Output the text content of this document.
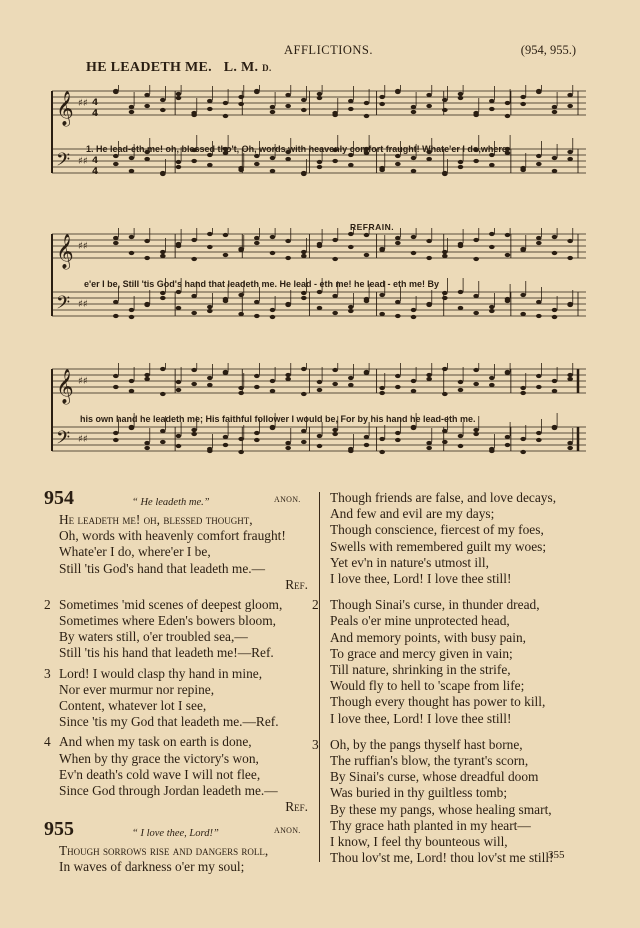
AFFLICTIONS.	(954, 955.)
HE LEADETH ME. L. M. D.
𝄞 ♯♯ 4
4
𝄢 ♯♯ 4
4
1. He lead-eth me! oh, blessed tho't, Oh, words with heavenly comfort fraught! Whate'er I do,where-
REFRAIN.
𝄞 ♯♯
𝄢 ♯♯
e'er I be, Still 'tis God's hand that leadeth me. He lead - eth me! he lead - eth me! By
𝄞 ♯♯
𝄢 ♯♯
his own hand he leadeth me; His faithful follower I would be, For by his hand he lead-eth me.
954	“ He leadeth me.”	ANON.
He leadeth me! oh, blessed thought,
Oh, words with heavenly comfort fraught!
Whate'er I do, where'er I be,
Still 'tis God's hand that leadeth me.—
Ref.
2 Sometimes 'mid scenes of deepest gloom,
Sometimes where Eden's bowers bloom,
By waters still, o'er troubled sea,—
Still 'tis his hand that leadeth me!—Ref.
3 Lord! I would clasp thy hand in mine,
Nor ever murmur nor repine,
Content, whatever lot I see,
Since 'tis my God that leadeth me.—Ref.
4 And when my task on earth is done,
When by thy grace the victory's won,
Ev'n death's cold wave I will not flee,
Since God through Jordan leadeth me.—
Ref.
955	“ I love thee, Lord!”	ANON.
Though sorrows rise and dangers roll,
In waves of darkness o'er my soul;
Though friends are false, and love decays,
And few and evil are my days;
Though conscience, fiercest of my foes,
Swells with remembered guilt my woes;
Yet ev'n in nature's utmost ill,
I love thee, Lord! I love thee still!
2 Though Sinai's curse, in thunder dread,
Peals o'er mine unprotected head,
And memory points, with busy pain,
To grace and mercy given in vain;
Till nature, shrinking in the strife,
Would fly to hell to 'scape from life;
Though every thought has power to kill,
I love thee, Lord! I love thee still!
3 Oh, by the pangs thyself hast borne,
The ruffian's blow, the tyrant's scorn,
By Sinai's curse, whose dreadful doom
Was buried in thy guiltless tomb;
By these my pangs, whose healing smart,
Thy grace hath planted in my heart—
I know, I feel thy bounteous will,
Thou lov'st me, Lord! thou lov'st me still!
355
